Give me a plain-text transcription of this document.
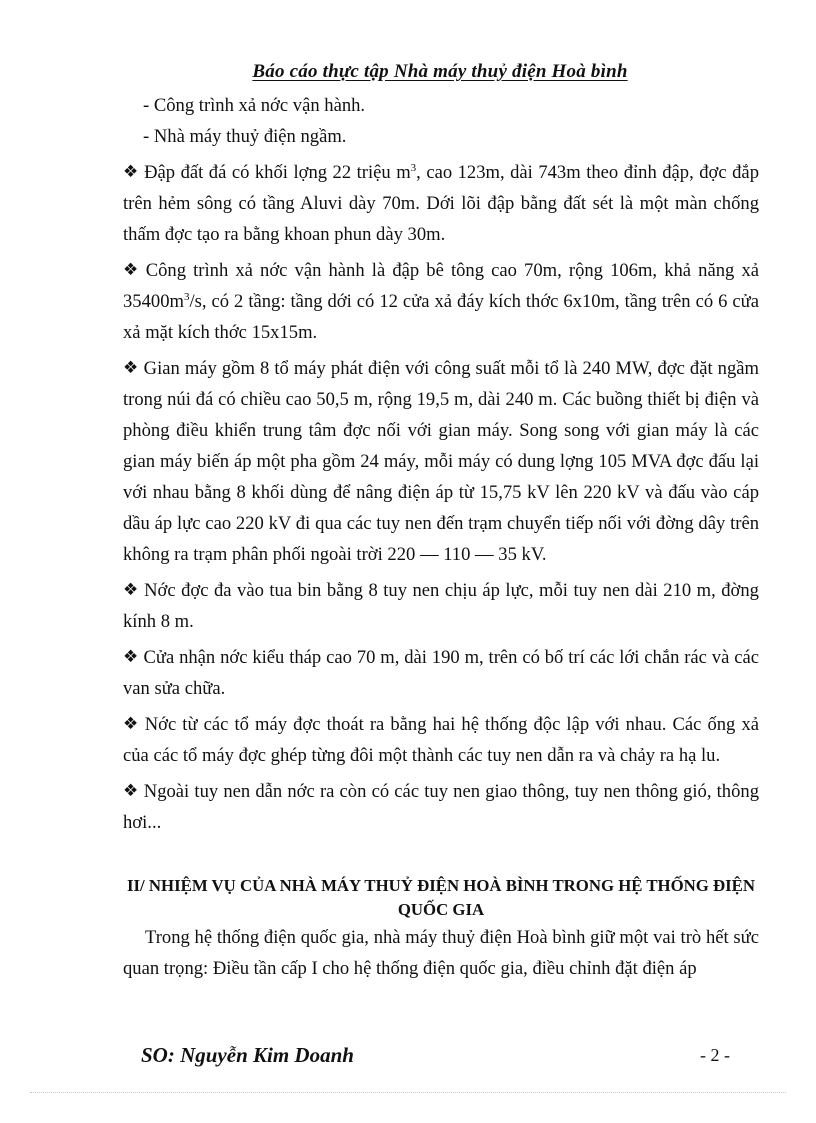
Báo cáo thực tập Nhà máy thuỷ điện Hoà bình

- Công trình xả nớc vận hành.

- Nhà máy thuỷ điện ngầm.

❖ Đập đất đá có khối lợng 22 triệu $m^3$, cao 123m, dài 743m theo đỉnh đập, đợc đắp trên hẻm sông có tầng Aluvi dày 70m. Dới lõi đập bằng đất sét là một màn chống thấm đợc tạo ra bằng khoan phun dày 30m.

❖ Công trình xả nớc vận hành là đập bê tông cao 70m, rộng 106m, khả năng xả $35400m^3/s$, có 2 tầng: tầng dới có 12 cửa xả đáy kích thớc 6x10m, tầng trên có 6 cửa xả mặt kích thớc 15x15m.

❖ Gian máy gồm 8 tổ máy phát điện với công suất mỗi tổ là 240 MW, đợc đặt ngầm trong núi đá có chiều cao 50,5 m, rộng 19,5 m, dài 240 m. Các buồng thiết bị điện và phòng điều khiển trung tâm đợc nối với gian máy. Song song với gian máy là các gian máy biến áp một pha gồm 24 máy, mỗi máy có dung lợng 105 MVA đợc đấu lại với nhau bằng 8 khối dùng để nâng điện áp từ 15,75 kV lên 220 kV và đấu vào cáp dầu áp lực cao 220 kV đi qua các tuy nen đến trạm chuyển tiếp nối với đờng dây trên không ra trạm phân phối ngoài trời 220 — 110 — 35 kV.

❖ Nớc đợc đa vào tua bin bằng 8 tuy nen chịu áp lực, mỗi tuy nen dài 210 m, đờng kính 8 m.

❖ Cửa nhận nớc kiểu tháp cao 70 m, dài 190 m, trên có bố trí các lới chắn rác và các van sửa chữa.

❖ Nớc từ các tổ máy đợc thoát ra bằng hai hệ thống độc lập với nhau. Các ống xả của các tổ máy đợc ghép từng đôi một thành các tuy nen dẫn ra và chảy ra hạ lu.

❖ Ngoài tuy nen dẫn nớc ra còn có các tuy nen giao thông, tuy nen thông gió, thông hơi...

II/ NHIỆM VỤ CỦA NHÀ MÁY THUỶ ĐIỆN HOÀ BÌNH TRONG HỆ THỐNG ĐIỆN QUỐC GIA

Trong hệ thống điện quốc gia, nhà máy thuỷ điện Hoà bình giữ một vai trò hết sức quan trọng: Điều tần cấp I cho hệ thống điện quốc gia, điều chỉnh đặt điện áp

SO: Nguyễn Kim Doanh	- 2 -
